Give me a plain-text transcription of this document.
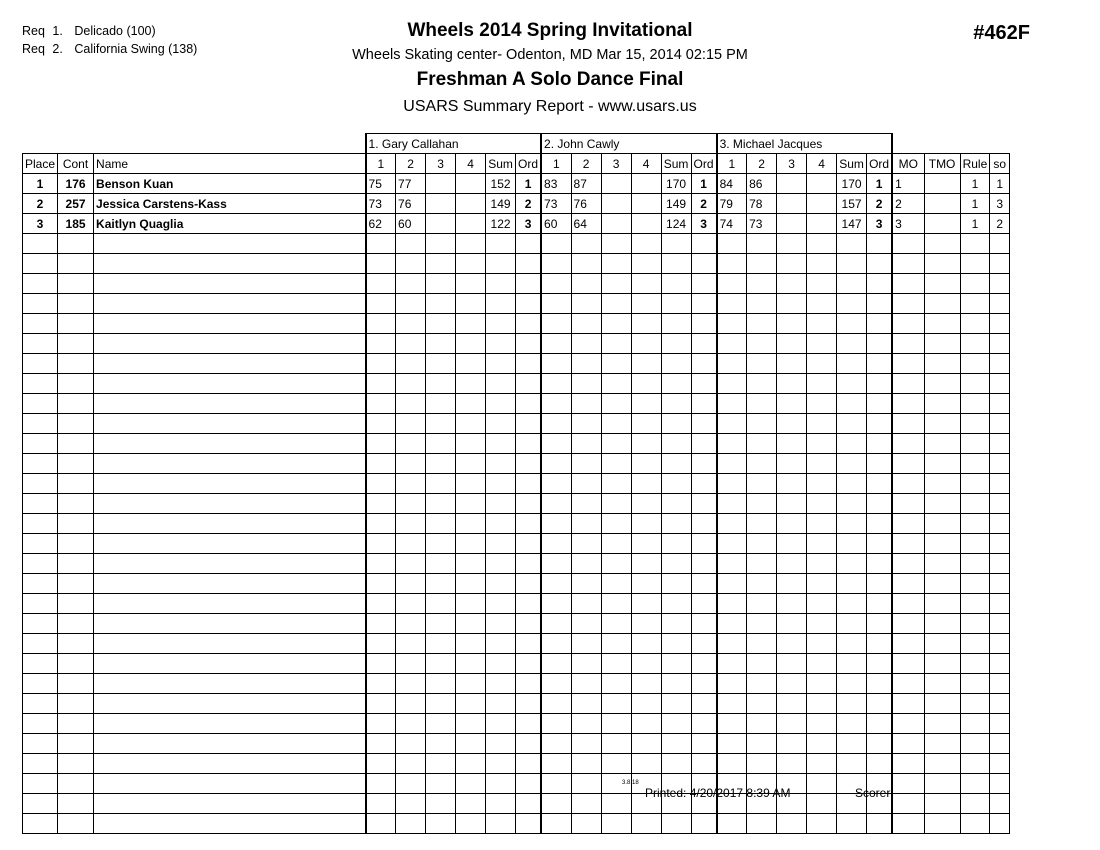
Req 1. Delicado (100)
Req 2. California Swing (138)
#462F
Wheels 2014 Spring Invitational
Wheels Skating center- Odenton, MD Mar 15, 2014 02:15 PM
Freshman A Solo Dance Final
USARS Summary Report - www.usars.us
			1. Gary Callahan						2. John Cawly						3. Michael Jacques									
Place	Cont	Name	1	2	3	4	Sum	Ord	1	2	3	4	Sum	Ord	1	2	3	4	Sum	Ord	MO	TMO	Rule	so
1	176	Benson Kuan	75	77			152	1	83	87			170	1	84	86			170	1	1		1	1
2	257	Jessica Carstens-Kass	73	76			149	2	73	76			149	2	79	78			157	2	2		1	3
3	185	Kaitlyn Quaglia	62	60			122	3	60	64			124	3	74	73			147	3	3		1	2

3.8.18
Printed: 4/20/2017 8:39 AM	Scorer:
